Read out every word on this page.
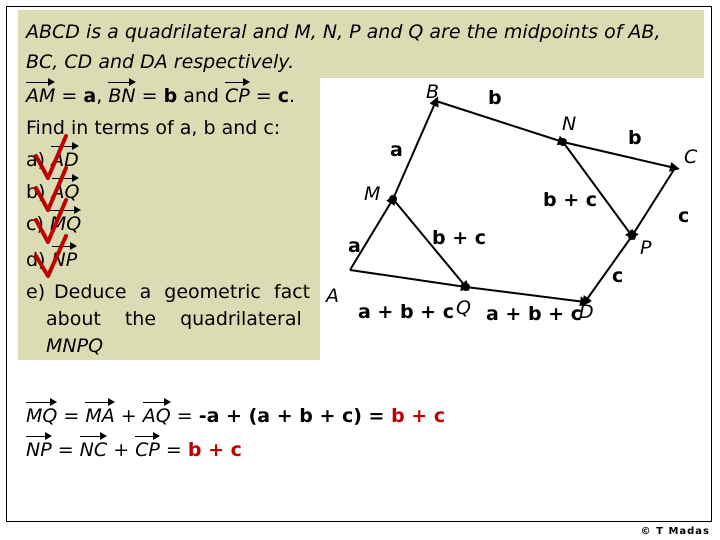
ABCD is a quadrilateral and M, N, P and Q are the midpoints of AB,
BC, CD and DA respectively.
AM = a, BN = b and CP = c.
Find in terms of a, b and c:
a) AD
b) AQ
c) MQ
d) NP
e) Deduce a geometric fact
about the quadrilateral
MNPQ
B
C
D
A
M
N
P
Q
b
b
a
a
b + c
b + c
c
c
a + b + c a + b + c
MQ = MA + AQ = -a + (a + b + c) = b + c
NP = NC + CP = b + c
© T Madas
